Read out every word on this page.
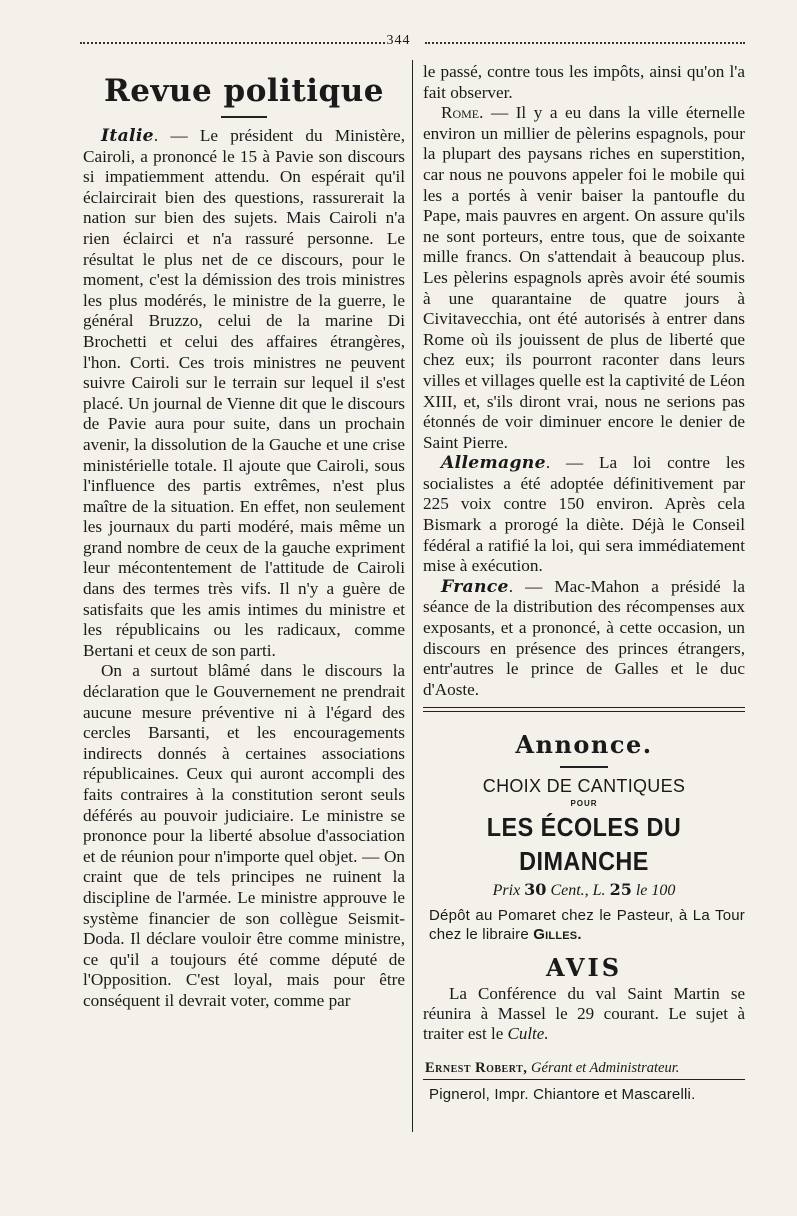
344
Revue politique

Italie. — Le président du Ministère, Cairoli, a prononcé le 15 à Pavie son discours si impatiemment attendu. On espérait qu'il éclaircirait bien des questions, rassurerait la nation sur bien des sujets. Mais Cairoli n'a rien éclairci et n'a rassuré personne. Le résultat le plus net de ce discours, pour le moment, c'est la démission des trois ministres les plus modérés, le ministre de la guerre, le général Bruzzo, celui de la marine Di Brochetti et celui des affaires étrangères, l'hon. Corti. Ces trois ministres ne peuvent suivre Cairoli sur le terrain sur lequel il s'est placé. Un journal de Vienne dit que le discours de Pavie aura pour suite, dans un prochain avenir, la dissolution de la Gauche et une crise ministérielle totale. Il ajoute que Cairoli, sous l'influence des partis extrêmes, n'est plus maître de la situation. En effet, non seulement les journaux du parti modéré, mais même un grand nombre de ceux de la gauche expriment leur mécontentement de l'attitude de Cairoli dans des termes très vifs. Il n'y a guère de satisfaits que les amis intimes du ministre et les républicains ou les radicaux, comme Bertani et ceux de son parti.

On a surtout blâmé dans le discours la déclaration que le Gouvernement ne prendrait aucune mesure préventive ni à l'égard des cercles Barsanti, et les encouragements indirects donnés à certaines associations républicaines. Ceux qui auront accompli des faits contraires à la constitution seront seuls déférés au pouvoir judiciaire. Le ministre se prononce pour la liberté absolue d'association et de réunion pour n'importe quel objet. — On craint que de tels principes ne ruinent la discipline de l'armée. Le ministre approuve le système financier de son collègue Seismit-Doda. Il déclare vouloir être comme ministre, ce qu'il a toujours été comme député de l'Opposition. C'est loyal, mais pour être conséquent il devrait voter, comme par

le passé, contre tous les impôts, ainsi qu'on l'a fait observer.

Rome. — Il y a eu dans la ville éternelle environ un millier de pèlerins espagnols, pour la plupart des paysans riches en superstition, car nous ne pouvons appeler foi le mobile qui les a portés à venir baiser la pantoufle du Pape, mais pauvres en argent. On assure qu'ils ne sont porteurs, entre tous, que de soixante mille francs. On s'attendait à beaucoup plus. Les pèlerins espagnols après avoir été soumis à une quarantaine de quatre jours à Civitavecchia, ont été autorisés à entrer dans Rome où ils jouissent de plus de liberté que chez eux; ils pourront raconter dans leurs villes et villages quelle est la captivité de Léon XIII, et, s'ils diront vrai, nous ne serions pas étonnés de voir diminuer encore le denier de Saint Pierre.

Allemagne. — La loi contre les socialistes a été adoptée définitivement par 225 voix contre 150 environ. Après cela Bismark a prorogé la diète. Déjà le Conseil fédéral a ratifié la loi, qui sera immédiatement mise à exécution.

France. — Mac-Mahon a présidé la séance de la distribution des récompenses aux exposants, et a prononcé, à cette occasion, un discours en présence des princes étrangers, entr'autres le prince de Galles et le duc d'Aoste.

Annonce.
CHOIX DE CANTIQUES
POUR
LES ÉCOLES DU DIMANCHE
Prix 30 Cent., L. 25 le 100
Dépôt au Pomaret chez le Pasteur, à La Tour chez le libraire Gilles.
AVIS
La Conférence du val Saint Martin se réunira à Massel le 29 courant. Le sujet à traiter est le Culte.
Ernest Robert, Gérant et Administrateur.
Pignerol, Impr. Chiantore et Mascarelli.
